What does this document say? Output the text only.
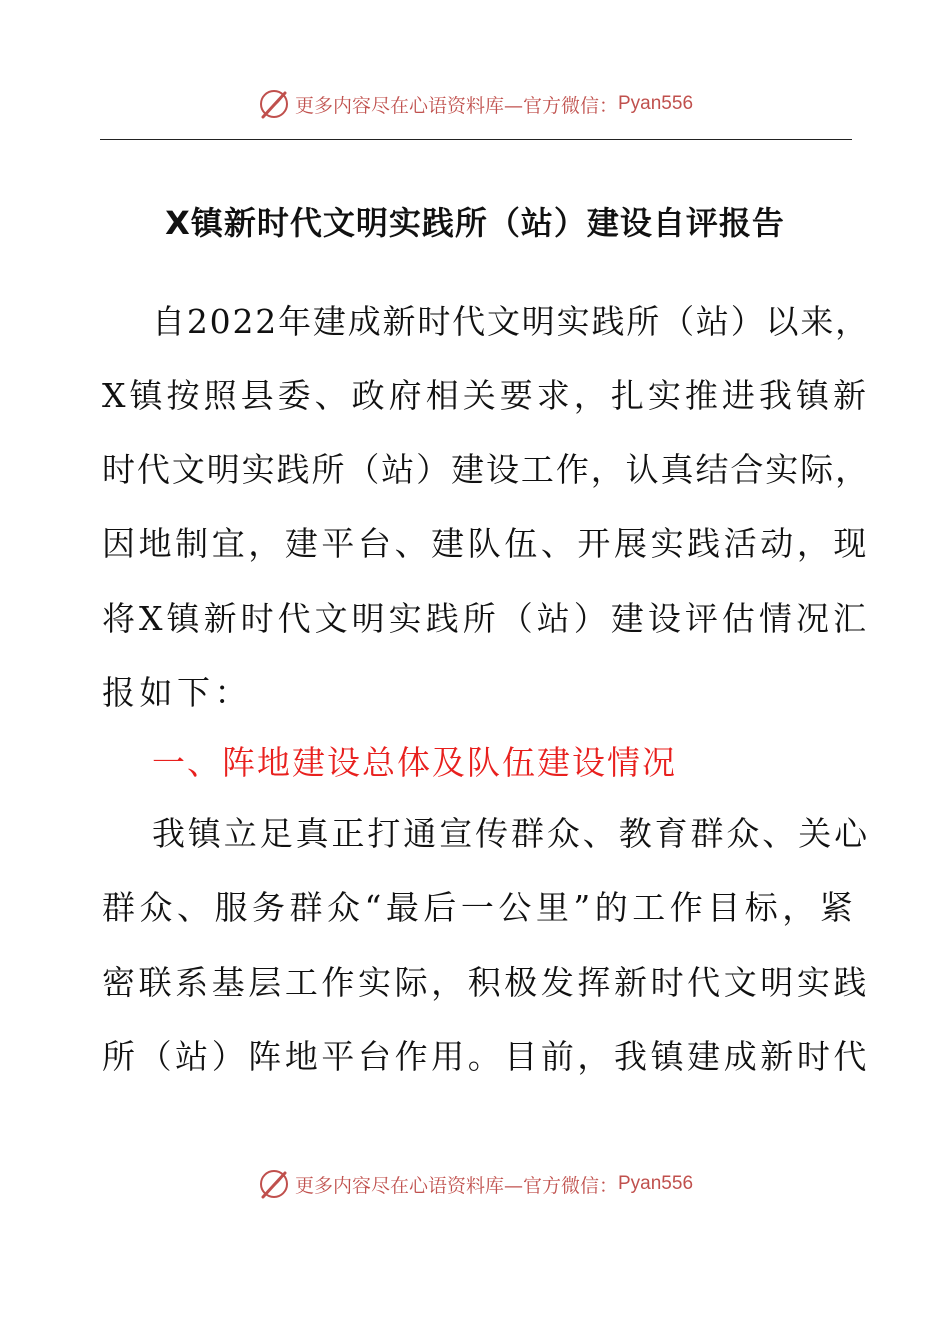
更多内容尽在心语资料库—官方微信： Pyan556
X镇新时代文明实践所（站）建设自评报告
自2022年建成新时代文明实践所（站）以来，
X镇按照县委、政府相关要求，扎实推进我镇新
时代文明实践所（站）建设工作，认真结合实际，
因地制宜，建平台、建队伍、开展实践活动，现
将X镇新时代文明实践所（站）建设评估情况汇
报如下：
一、阵地建设总体及队伍建设情况
我镇立足真正打通宣传群众、教育群众、关心
群众、服务群众“最后一公里”的工作目标，紧
密联系基层工作实际，积极发挥新时代文明实践
所（站）阵地平台作用。目前，我镇建成新时代
更多内容尽在心语资料库—官方微信： Pyan556
